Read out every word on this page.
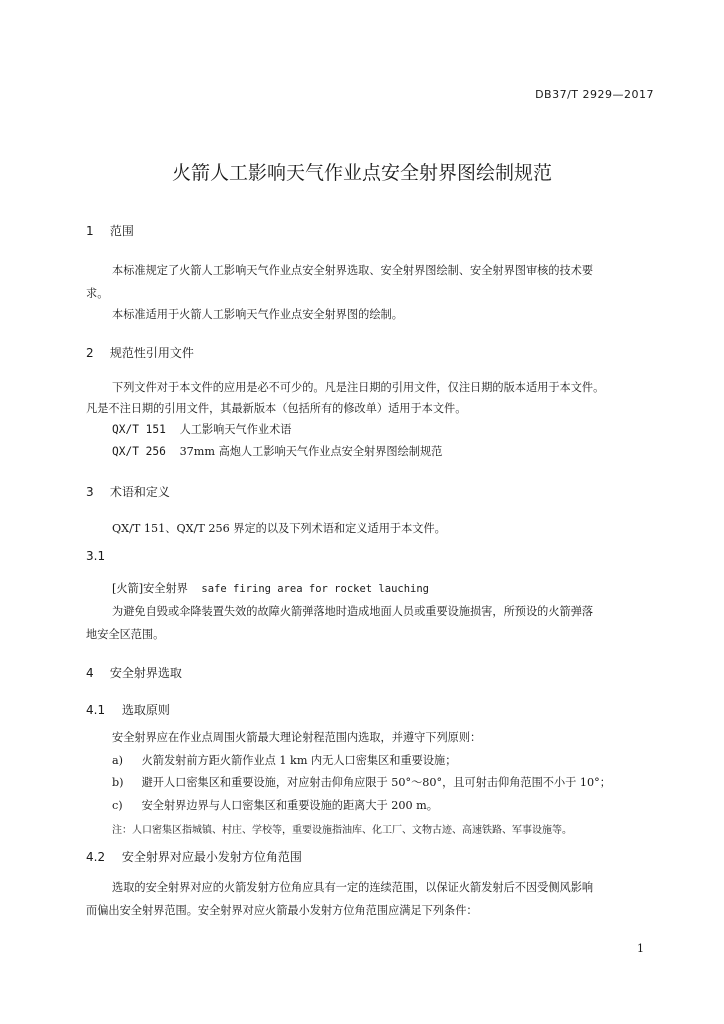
DB37/T 2929—2017
火箭人工影响天气作业点安全射界图绘制规范
1 范围
本标准规定了火箭人工影响天气作业点安全射界选取、安全射界图绘制、安全射界图审核的技术要
求。
本标准适用于火箭人工影响天气作业点安全射界图的绘制。
2 规范性引用文件
下列文件对于本文件的应用是必不可少的。凡是注日期的引用文件，仅注日期的版本适用于本文件。
凡是不注日期的引用文件，其最新版本（包括所有的修改单）适用于本文件。
QX/T 151 人工影响天气作业术语
QX/T 256 37mm 高炮人工影响天气作业点安全射界图绘制规范
3 术语和定义
QX/T 151、QX/T 256 界定的以及下列术语和定义适用于本文件。
3.1
[火箭]安全射界 safe firing area for rocket lauching
为避免自毁或伞降装置失效的故障火箭弹落地时造成地面人员或重要设施损害，所预设的火箭弹落
地安全区范围。
4 安全射界选取
4.1 选取原则
安全射界应在作业点周围火箭最大理论射程范围内选取，并遵守下列原则：
a) 火箭发射前方距火箭作业点 1 km 内无人口密集区和重要设施；
b) 避开人口密集区和重要设施，对应射击仰角应限于 50°～80°，且可射击仰角范围不小于 10°；
c) 安全射界边界与人口密集区和重要设施的距离大于 200 m。
注：人口密集区指城镇、村庄、学校等，重要设施指油库、化工厂、文物古迹、高速铁路、军事设施等。
4.2 安全射界对应最小发射方位角范围
选取的安全射界对应的火箭发射方位角应具有一定的连续范围，以保证火箭发射后不因受侧风影响
而偏出安全射界范围。安全射界对应火箭最小发射方位角范围应满足下列条件：
1
